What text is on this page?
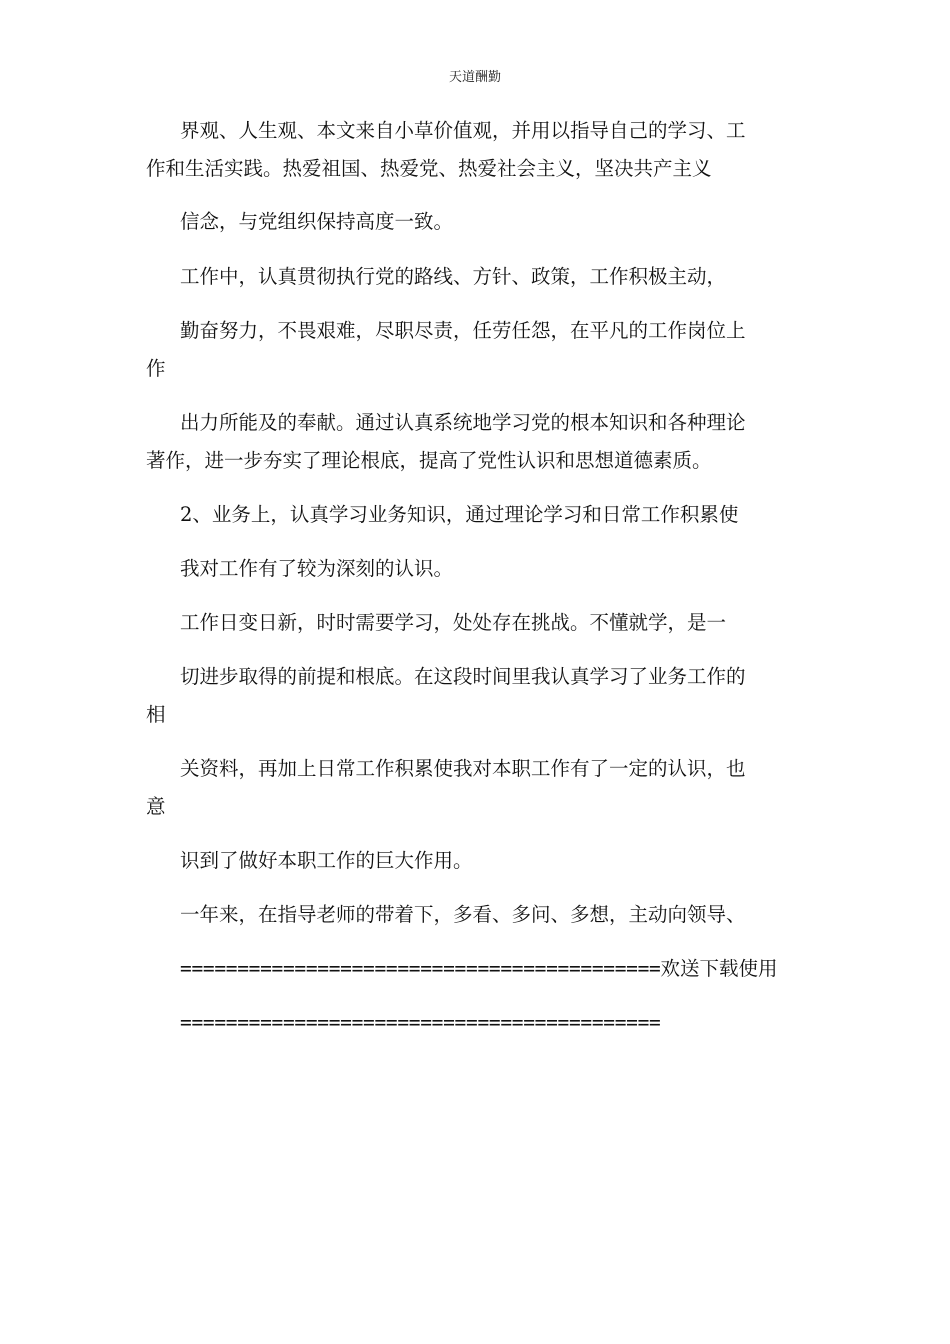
天道酬勤
界观、人生观、本文来自小草价值观，并用以指导自己的学习、工
作和生活实践。热爱祖国、热爱党、热爱社会主义，坚决共产主义
信念，与党组织保持高度一致。
工作中，认真贯彻执行党的路线、方针、政策，工作积极主动，
勤奋努力，不畏艰难，尽职尽责，任劳任怨，在平凡的工作岗位上
作
出力所能及的奉献。通过认真系统地学习党的根本知识和各种理论
著作，进一步夯实了理论根底，提高了党性认识和思想道德素质。
2、业务上，认真学习业务知识，通过理论学习和日常工作积累使
我对工作有了较为深刻的认识。
工作日变日新，时时需要学习，处处存在挑战。不懂就学，是一
切进步取得的前提和根底。在这段时间里我认真学习了业务工作的
相
关资料，再加上日常工作积累使我对本职工作有了一定的认识，也
意
识到了做好本职工作的巨大作用。
一年来，在指导老师的带着下，多看、多问、多想，主动向领导、
==========================================欢送下载使用
==========================================
